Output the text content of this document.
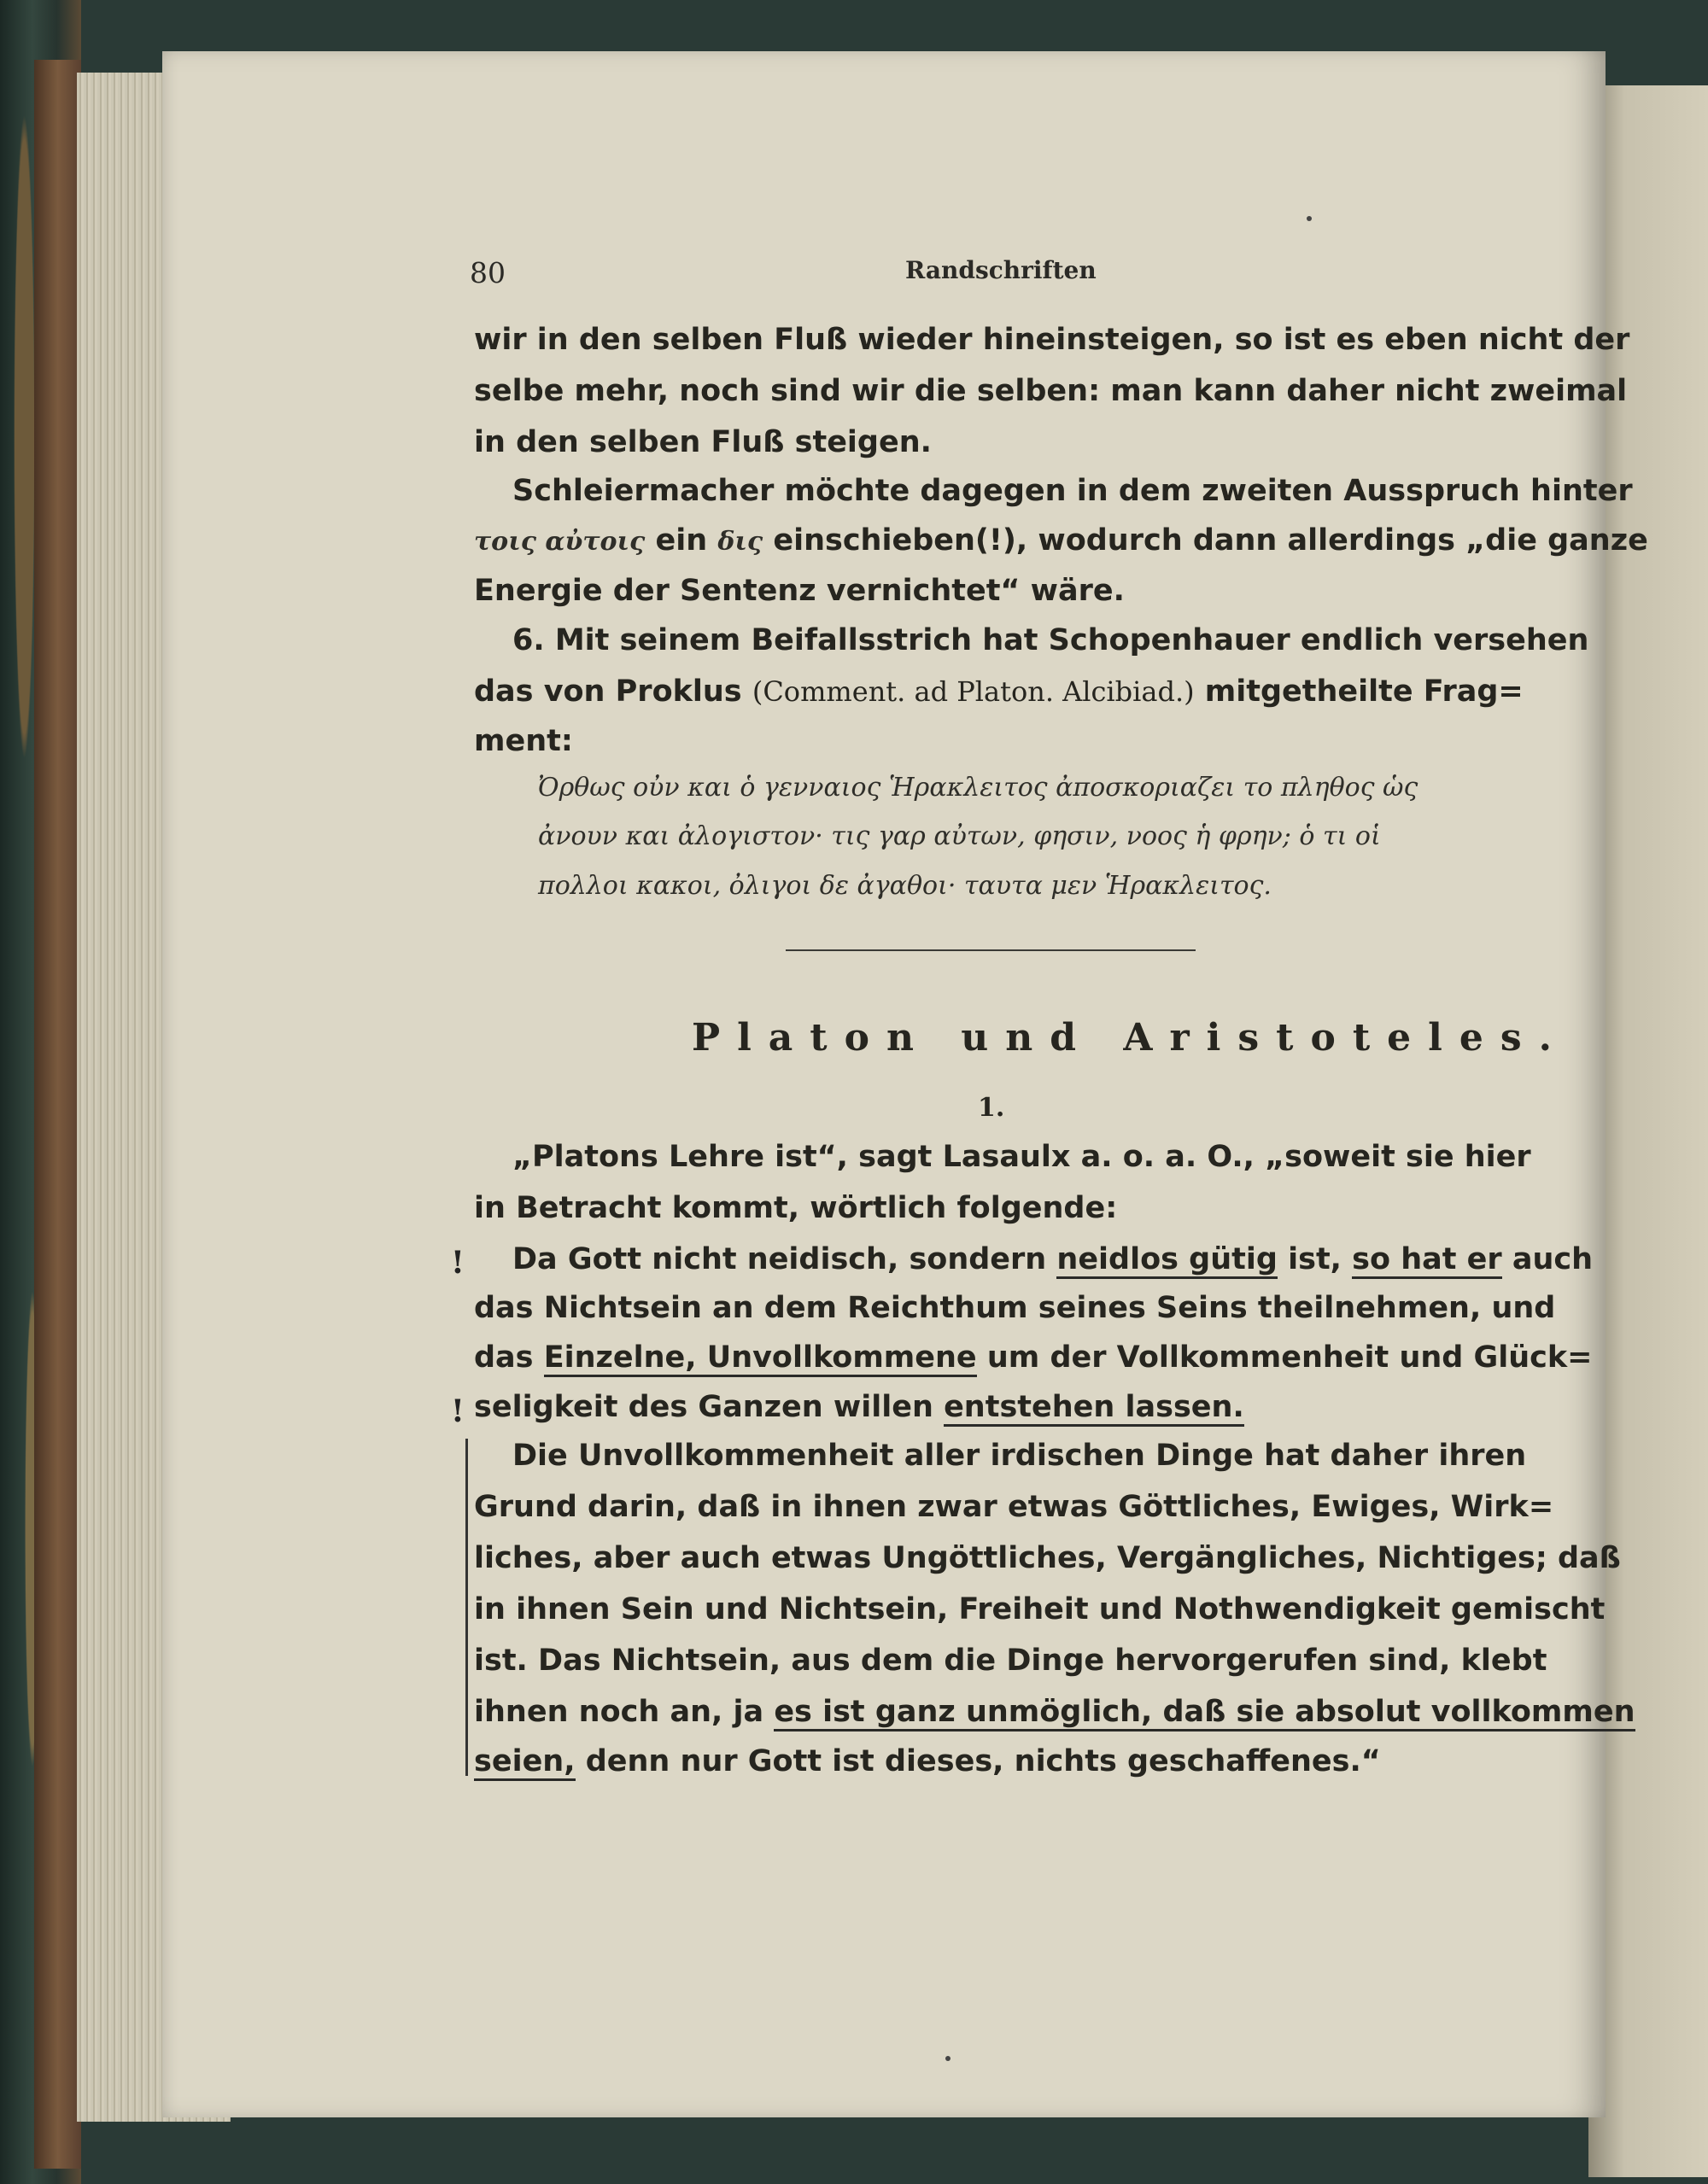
80	Randschriften
wir in den selben Fluß wieder hineinsteigen, so ist es eben nicht der
selbe mehr, noch sind wir die selben: man kann daher nicht zweimal
in den selben Fluß steigen.
Schleiermacher möchte dagegen in dem zweiten Ausspruch hinter
τοις αὐτοις ein δις einschieben(!), wodurch dann allerdings „die ganze
Energie der Sentenz vernichtet“ wäre.
6. Mit seinem Beifallsstrich hat Schopenhauer endlich versehen
das von Proklus (Comment. ad Platon. Alcibiad.) mitgetheilte Frag=
ment:
Ὀρθως οὐν και ὁ γενναιος Ἡρακλειτος ἀποσκοριαζει το πληθος ὡς
ἀνουν και ἀλογιστον· τις γαρ αὐτων, φησιν, νοος ἡ φρην; ὁ τι οἱ
πολλοι κακοι, ὀλιγοι δε ἀγαθοι· ταυτα μεν Ἡρακλειτος.
Platon und Aristoteles.
1.
„Platons Lehre ist“, sagt Lasaulx a. o. a. O., „soweit sie hier
in Betracht kommt, wörtlich folgende:
! Da Gott nicht neidisch, sondern neidlos gütig ist, so hat er auch
das Nichtsein an dem Reichthum seines Seins theilnehmen, und
das Einzelne, Unvollkommene um der Vollkommenheit und Glück=
! seligkeit des Ganzen willen entstehen lassen.
Die Unvollkommenheit aller irdischen Dinge hat daher ihren
Grund darin, daß in ihnen zwar etwas Göttliches, Ewiges, Wirk=
liches, aber auch etwas Ungöttliches, Vergängliches, Nichtiges; daß
in ihnen Sein und Nichtsein, Freiheit und Nothwendigkeit gemischt
ist. Das Nichtsein, aus dem die Dinge hervorgerufen sind, klebt
ihnen noch an, ja es ist ganz unmöglich, daß sie absolut vollkommen
seien, denn nur Gott ist dieses, nichts geschaffenes.“
